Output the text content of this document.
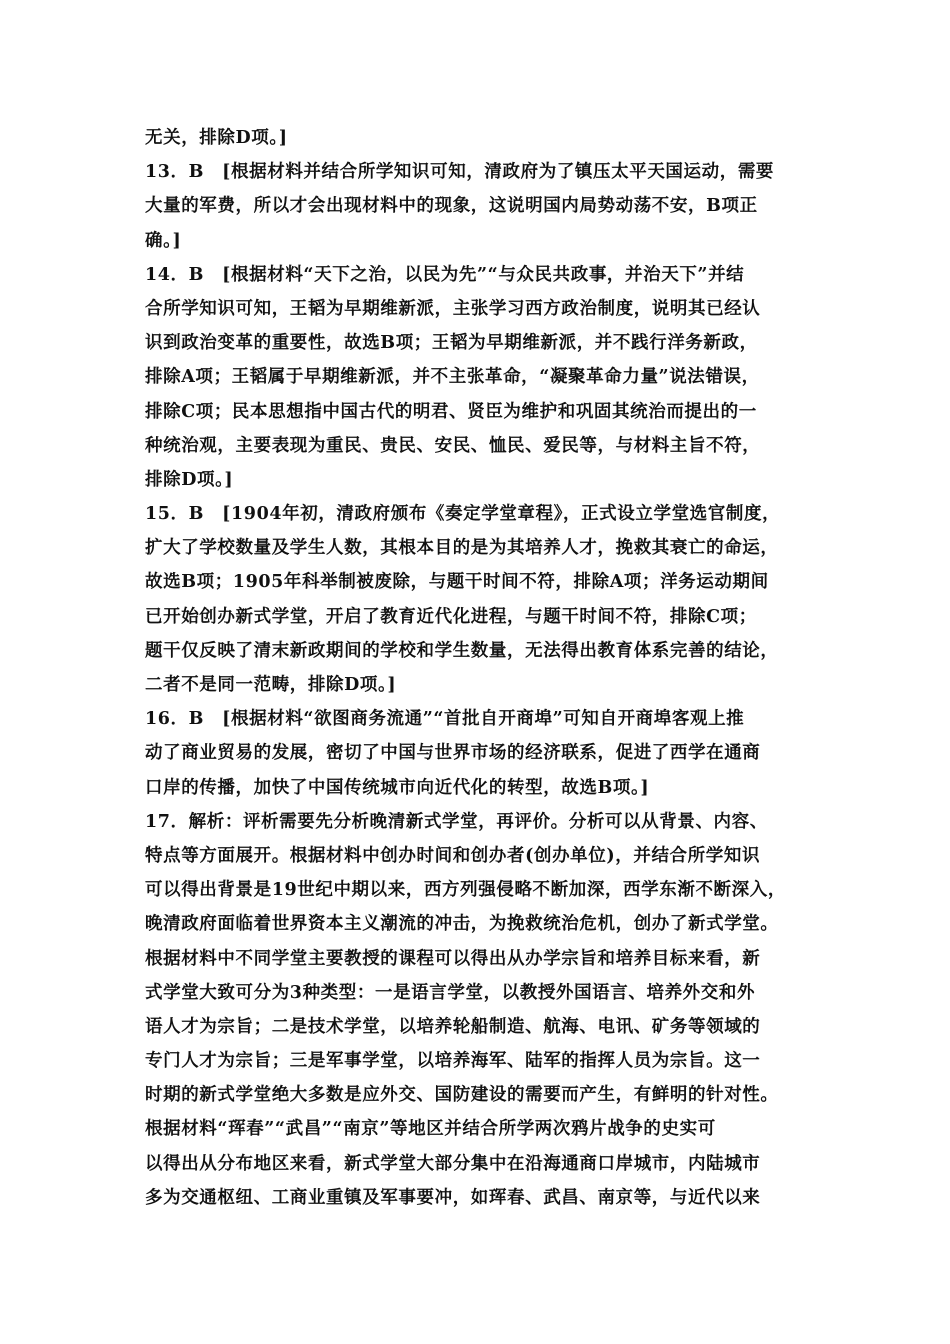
无关，排除D项。]
13．B　[根据材料并结合所学知识可知，清政府为了镇压太平天国运动，需要
大量的军费，所以才会出现材料中的现象，这说明国内局势动荡不安，B项正
确。]
14．B　[根据材料“天下之治，以民为先”“与众民共政事，并治天下”并结
合所学知识可知，王韬为早期维新派，主张学习西方政治制度，说明其已经认
识到政治变革的重要性，故选B项；王韬为早期维新派，并不践行洋务新政，
排除A项；王韬属于早期维新派，并不主张革命，“凝聚革命力量”说法错误，
排除C项；民本思想指中国古代的明君、贤臣为维护和巩固其统治而提出的一
种统治观，主要表现为重民、贵民、安民、恤民、爱民等，与材料主旨不符，
排除D项。]
15．B　[1904年初，清政府颁布《奏定学堂章程》，正式设立学堂选官制度，
扩大了学校数量及学生人数，其根本目的是为其培养人才，挽救其衰亡的命运，
故选B项；1905年科举制被废除，与题干时间不符，排除A项；洋务运动期间
已开始创办新式学堂，开启了教育近代化进程，与题干时间不符，排除C项；
题干仅反映了清末新政期间的学校和学生数量，无法得出教育体系完善的结论，
二者不是同一范畴，排除D项。]
16．B　[根据材料“欲图商务流通”“首批自开商埠”可知自开商埠客观上推
动了商业贸易的发展，密切了中国与世界市场的经济联系，促进了西学在通商
口岸的传播，加快了中国传统城市向近代化的转型，故选B项。]
17．解析：评析需要先分析晚清新式学堂，再评价。分析可以从背景、内容、
特点等方面展开。根据材料中创办时间和创办者(创办单位)，并结合所学知识
可以得出背景是19世纪中期以来，西方列强侵略不断加深，西学东渐不断深入，
晚清政府面临着世界资本主义潮流的冲击，为挽救统治危机，创办了新式学堂。
根据材料中不同学堂主要教授的课程可以得出从办学宗旨和培养目标来看，新
式学堂大致可分为3种类型：一是语言学堂，以教授外国语言、培养外交和外
语人才为宗旨；二是技术学堂，以培养轮船制造、航海、电讯、矿务等领域的
专门人才为宗旨；三是军事学堂，以培养海军、陆军的指挥人员为宗旨。这一
时期的新式学堂绝大多数是应外交、国防建设的需要而产生，有鲜明的针对性。
根据材料“珲春”“武昌”“南京”等地区并结合所学两次鸦片战争的史实可
以得出从分布地区来看，新式学堂大部分集中在沿海通商口岸城市，内陆城市
多为交通枢纽、工商业重镇及军事要冲，如珲春、武昌、南京等，与近代以来
